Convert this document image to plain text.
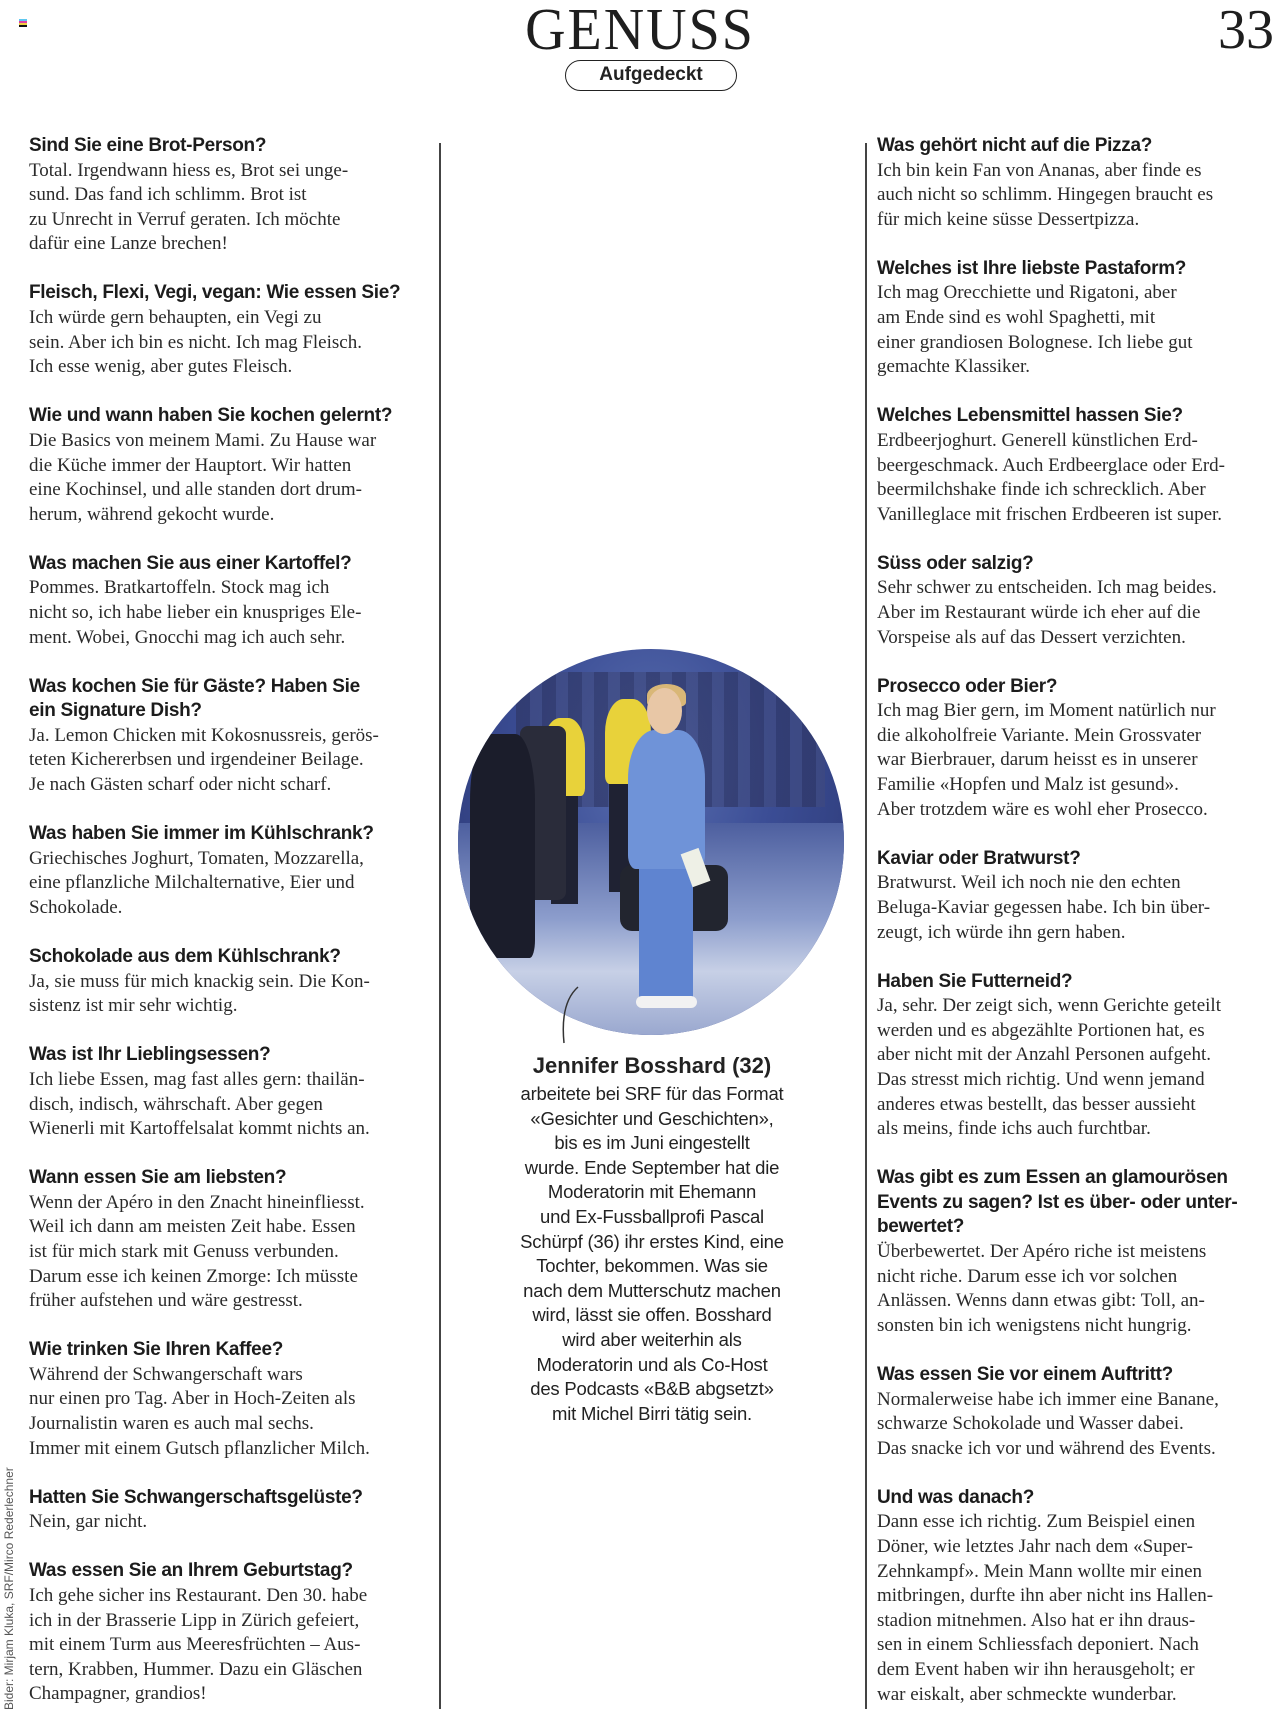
GENUSS	33
Aufgedeckt
Sind Sie eine Brot-Person?
Total. Irgendwann hiess es, Brot sei unge-
sund. Das fand ich schlimm. Brot ist
zu Unrecht in Verruf geraten. Ich möchte
dafür eine Lanze brechen!
Fleisch, Flexi, Vegi, vegan: Wie essen Sie?
Ich würde gern behaupten, ein Vegi zu
sein. Aber ich bin es nicht. Ich mag Fleisch.
Ich esse wenig, aber gutes Fleisch.
Wie und wann haben Sie kochen gelernt?
Die Basics von meinem Mami. Zu Hause war
die Küche immer der Hauptort. Wir hatten
eine Kochinsel, und alle standen dort drum-
herum, während gekocht wurde.
Was machen Sie aus einer Kartoffel?
Pommes. Bratkartoffeln. Stock mag ich
nicht so, ich habe lieber ein knuspriges Ele-
ment. Wobei, Gnocchi mag ich auch sehr.
Was kochen Sie für Gäste? Haben Sie
ein Signature Dish?
Ja. Lemon Chicken mit Kokosnussreis, gerös-
teten Kichererbsen und irgendeiner Beilage.
Je nach Gästen scharf oder nicht scharf.
Was haben Sie immer im Kühlschrank?
Griechisches Joghurt, Tomaten, Mozzarella,
eine pflanzliche Milchalternative, Eier und
Schokolade.
Schokolade aus dem Kühlschrank?
Ja, sie muss für mich knackig sein. Die Kon-
sistenz ist mir sehr wichtig.
Was ist Ihr Lieblingsessen?
Ich liebe Essen, mag fast alles gern: thailän-
disch, indisch, währschaft. Aber gegen
Wienerli mit Kartoffelsalat kommt nichts an.
Wann essen Sie am liebsten?
Wenn der Apéro in den Znacht hineinfliesst.
Weil ich dann am meisten Zeit habe. Essen
ist für mich stark mit Genuss verbunden.
Darum esse ich keinen Zmorge: Ich müsste
früher aufstehen und wäre gestresst.
Wie trinken Sie Ihren Kaffee?
Während der Schwangerschaft wars
nur einen pro Tag. Aber in Hoch-Zeiten als
Journalistin waren es auch mal sechs.
Immer mit einem Gutsch pflanzlicher Milch.
Hatten Sie Schwangerschaftsgelüste?
Nein, gar nicht.
Was essen Sie an Ihrem Geburtstag?
Ich gehe sicher ins Restaurant. Den 30. habe
ich in der Brasserie Lipp in Zürich gefeiert,
mit einem Turm aus Meeresfrüchten – Aus-
tern, Krabben, Hummer. Dazu ein Gläschen
Champagner, grandios!
Was gehört nicht auf die Pizza?
Ich bin kein Fan von Ananas, aber finde es
auch nicht so schlimm. Hingegen braucht es
für mich keine süsse Dessertpizza.
Welches ist Ihre liebste Pastaform?
Ich mag Orecchiette und Rigatoni, aber
am Ende sind es wohl Spaghetti, mit
einer grandiosen Bolognese. Ich liebe gut
gemachte Klassiker.
Welches Lebensmittel hassen Sie?
Erdbeerjoghurt. Generell künstlichen Erd-
beergeschmack. Auch Erdbeerglace oder Erd-
beermilchshake finde ich schrecklich. Aber
Vanilleglace mit frischen Erdbeeren ist super.
Süss oder salzig?
Sehr schwer zu entscheiden. Ich mag beides.
Aber im Restaurant würde ich eher auf die
Vorspeise als auf das Dessert verzichten.
Prosecco oder Bier?
Ich mag Bier gern, im Moment natürlich nur
die alkoholfreie Variante. Mein Grossvater
war Bierbrauer, darum heisst es in unserer
Familie «Hopfen und Malz ist gesund».
Aber trotzdem wäre es wohl eher Prosecco.
Kaviar oder Bratwurst?
Bratwurst. Weil ich noch nie den echten
Beluga-Kaviar gegessen habe. Ich bin über-
zeugt, ich würde ihn gern haben.
Haben Sie Futterneid?
Ja, sehr. Der zeigt sich, wenn Gerichte geteilt
werden und es abgezählte Portionen hat, es
aber nicht mit der Anzahl Personen aufgeht.
Das stresst mich richtig. Und wenn jemand
anderes etwas bestellt, das besser aussieht
als meins, finde ichs auch furchtbar.
Was gibt es zum Essen an glamourösen
Events zu sagen? Ist es über- oder unter-
bewertet?
Überbewertet. Der Apéro riche ist meistens
nicht riche. Darum esse ich vor solchen
Anlässen. Wenns dann etwas gibt: Toll, an-
sonsten bin ich wenigstens nicht hungrig.
Was essen Sie vor einem Auftritt?
Normalerweise habe ich immer eine Banane,
schwarze Schokolade und Wasser dabei.
Das snacke ich vor und während des Events.
Und was danach?
Dann esse ich richtig. Zum Beispiel einen
Döner, wie letztes Jahr nach dem «Super-
Zehnkampf». Mein Mann wollte mir einen
mitbringen, durfte ihn aber nicht ins Hallen-
stadion mitnehmen. Also hat er ihn draus-
sen in einem Schliessfach deponiert. Nach
dem Event haben wir ihn herausgeholt; er
war eiskalt, aber schmeckte wunderbar.
Jennifer Bosshard (32)
arbeitete bei SRF für das Format
«Gesichter und Geschichten»,
bis es im Juni eingestellt
wurde. Ende September hat die
Moderatorin mit Ehemann
und Ex-Fussballprofi Pascal
Schürpf (36) ihr erstes Kind, eine
Tochter, bekommen. Was sie
nach dem Mutterschutz machen
wird, lässt sie offen. Bosshard
wird aber weiterhin als
Moderatorin und als Co-Host
des Podcasts «B&B abgsetzt»
mit Michel Birri tätig sein.
Bider: Mirjam Kluka, SRF/Mirco Rederlechner
